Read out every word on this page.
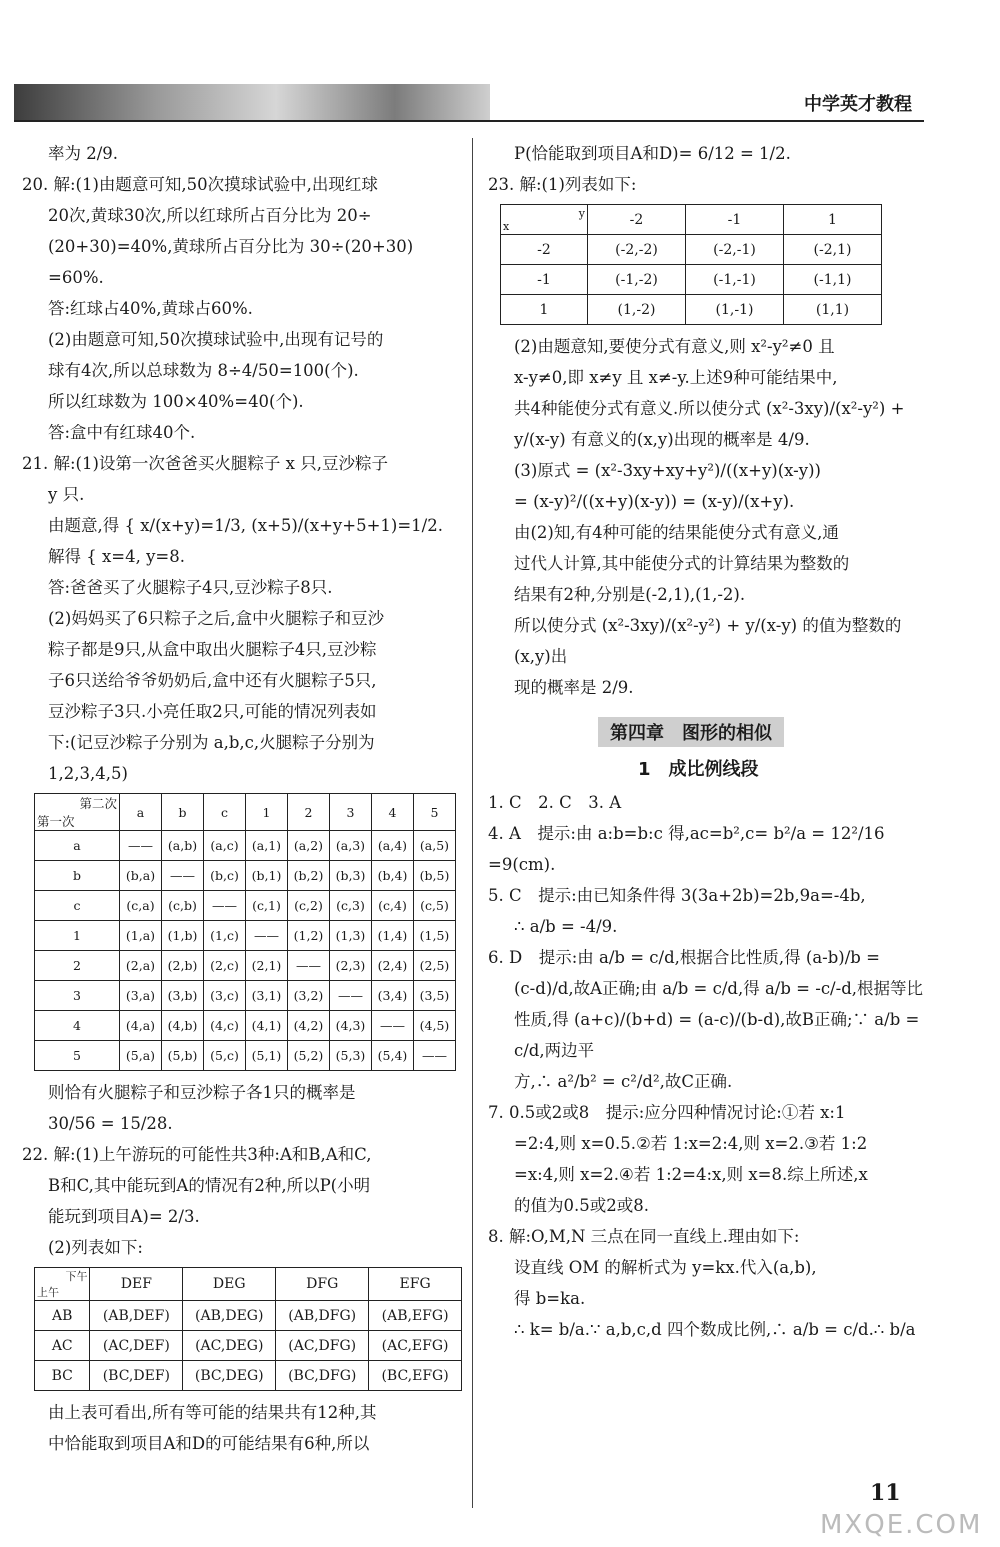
中学英才教程

率为 2/9.

20. 解:(1)由题意可知,50次摸球试验中,出现红球

20次,黄球30次,所以红球所占百分比为 20÷

(20+30)=40%,黄球所占百分比为 30÷(20+30)

=60%.

答:红球占40%,黄球占60%.

(2)由题意可知,50次摸球试验中,出现有记号的

球有4次,所以总球数为 8÷4/50=100(个).

所以红球数为 100×40%=40(个).

答:盒中有红球40个.

21. 解:(1)设第一次爸爸买火腿粽子 x 只,豆沙粽子

y 只.

由题意,得 { x/(x+y)=1/3, (x+5)/(x+y+5+1)=1/2. 解得 { x=4, y=8.

答:爸爸买了火腿粽子4只,豆沙粽子8只.

(2)妈妈买了6只粽子之后,盒中火腿粽子和豆沙

粽子都是9只,从盒中取出火腿粽子4只,豆沙粽

子6只送给爷爷奶奶后,盒中还有火腿粽子5只,

豆沙粽子3只.小亮任取2只,可能的情况列表如

下:(记豆沙粽子分别为 a,b,c,火腿粽子分别为

1,2,3,4,5)

第二次
第一次	a	b	c	1	2	3	4	5
a	——	(a,b)	(a,c)	(a,1)	(a,2)	(a,3)	(a,4)	(a,5)
b	(b,a)	——	(b,c)	(b,1)	(b,2)	(b,3)	(b,4)	(b,5)
c	(c,a)	(c,b)	——	(c,1)	(c,2)	(c,3)	(c,4)	(c,5)
1	(1,a)	(1,b)	(1,c)	——	(1,2)	(1,3)	(1,4)	(1,5)
2	(2,a)	(2,b)	(2,c)	(2,1)	——	(2,3)	(2,4)	(2,5)
3	(3,a)	(3,b)	(3,c)	(3,1)	(3,2)	——	(3,4)	(3,5)
4	(4,a)	(4,b)	(4,c)	(4,1)	(4,2)	(4,3)	——	(4,5)
5	(5,a)	(5,b)	(5,c)	(5,1)	(5,2)	(5,3)	(5,4)	——

则恰有火腿粽子和豆沙粽子各1只的概率是

30/56 = 15/28.

22. 解:(1)上午游玩的可能性共3种:A和B,A和C,

B和C,其中能玩到A的情况有2种,所以P(小明

能玩到项目A)= 2/3.

(2)列表如下:

下午
上午	DEF	DEG	DFG	EFG
AB	(AB,DEF)	(AB,DEG)	(AB,DFG)	(AB,EFG)
AC	(AC,DEF)	(AC,DEG)	(AC,DFG)	(AC,EFG)
BC	(BC,DEF)	(BC,DEG)	(BC,DFG)	(BC,EFG)

由上表可看出,所有等可能的结果共有12种,其

中恰能取到项目A和D的可能结果有6种,所以

P(恰能取到项目A和D)= 6/12 = 1/2.

23. 解:(1)列表如下:

y
x	-2	-1	1
-2	(-2,-2)	(-2,-1)	(-2,1)
-1	(-1,-2)	(-1,-1)	(-1,1)
1	(1,-2)	(1,-1)	(1,1)

(2)由题意知,要使分式有意义,则 x²-y²≠0 且

x-y≠0,即 x≠y 且 x≠-y.上述9种可能结果中,

共4种能使分式有意义.所以使分式 (x²-3xy)/(x²-y²) +

y/(x-y) 有意义的(x,y)出现的概率是 4/9.

(3)原式 = (x²-3xy+xy+y²)/((x+y)(x-y))

= (x-y)²/((x+y)(x-y)) = (x-y)/(x+y).

由(2)知,有4种可能的结果能使分式有意义,通

过代人计算,其中能使分式的计算结果为整数的

结果有2种,分别是(-2,1),(1,-2).

所以使分式 (x²-3xy)/(x²-y²) + y/(x-y) 的值为整数的(x,y)出

现的概率是 2/9.

第四章　图形的相似
1　成比例线段

1. C　2. C　3. A

4. A　提示:由 a:b=b:c 得,ac=b²,c= b²/a = 12²/16 =9(cm).

5. C　提示:由已知条件得 3(3a+2b)=2b,9a=-4b,

∴ a/b = -4/9.

6. D　提示:由 a/b = c/d,根据合比性质,得 (a-b)/b =

(c-d)/d,故A正确;由 a/b = c/d,得 a/b = -c/-d,根据等比

性质,得 (a+c)/(b+d) = (a-c)/(b-d),故B正确;∵ a/b = c/d,两边平

方,∴ a²/b² = c²/d²,故C正确.

7. 0.5或2或8　提示:应分四种情况讨论:①若 x:1

=2:4,则 x=0.5.②若 1:x=2:4,则 x=2.③若 1:2

=x:4,则 x=2.④若 1:2=4:x,则 x=8.综上所述,x

的值为0.5或2或8.

8. 解:O,M,N 三点在同一直线上.理由如下:

设直线 OM 的解析式为 y=kx.代入(a,b),

得 b=ka.

∴ k= b/a.∵ a,b,c,d 四个数成比例,∴ a/b = c/d.∴ b/a

11
MXQE.COM
